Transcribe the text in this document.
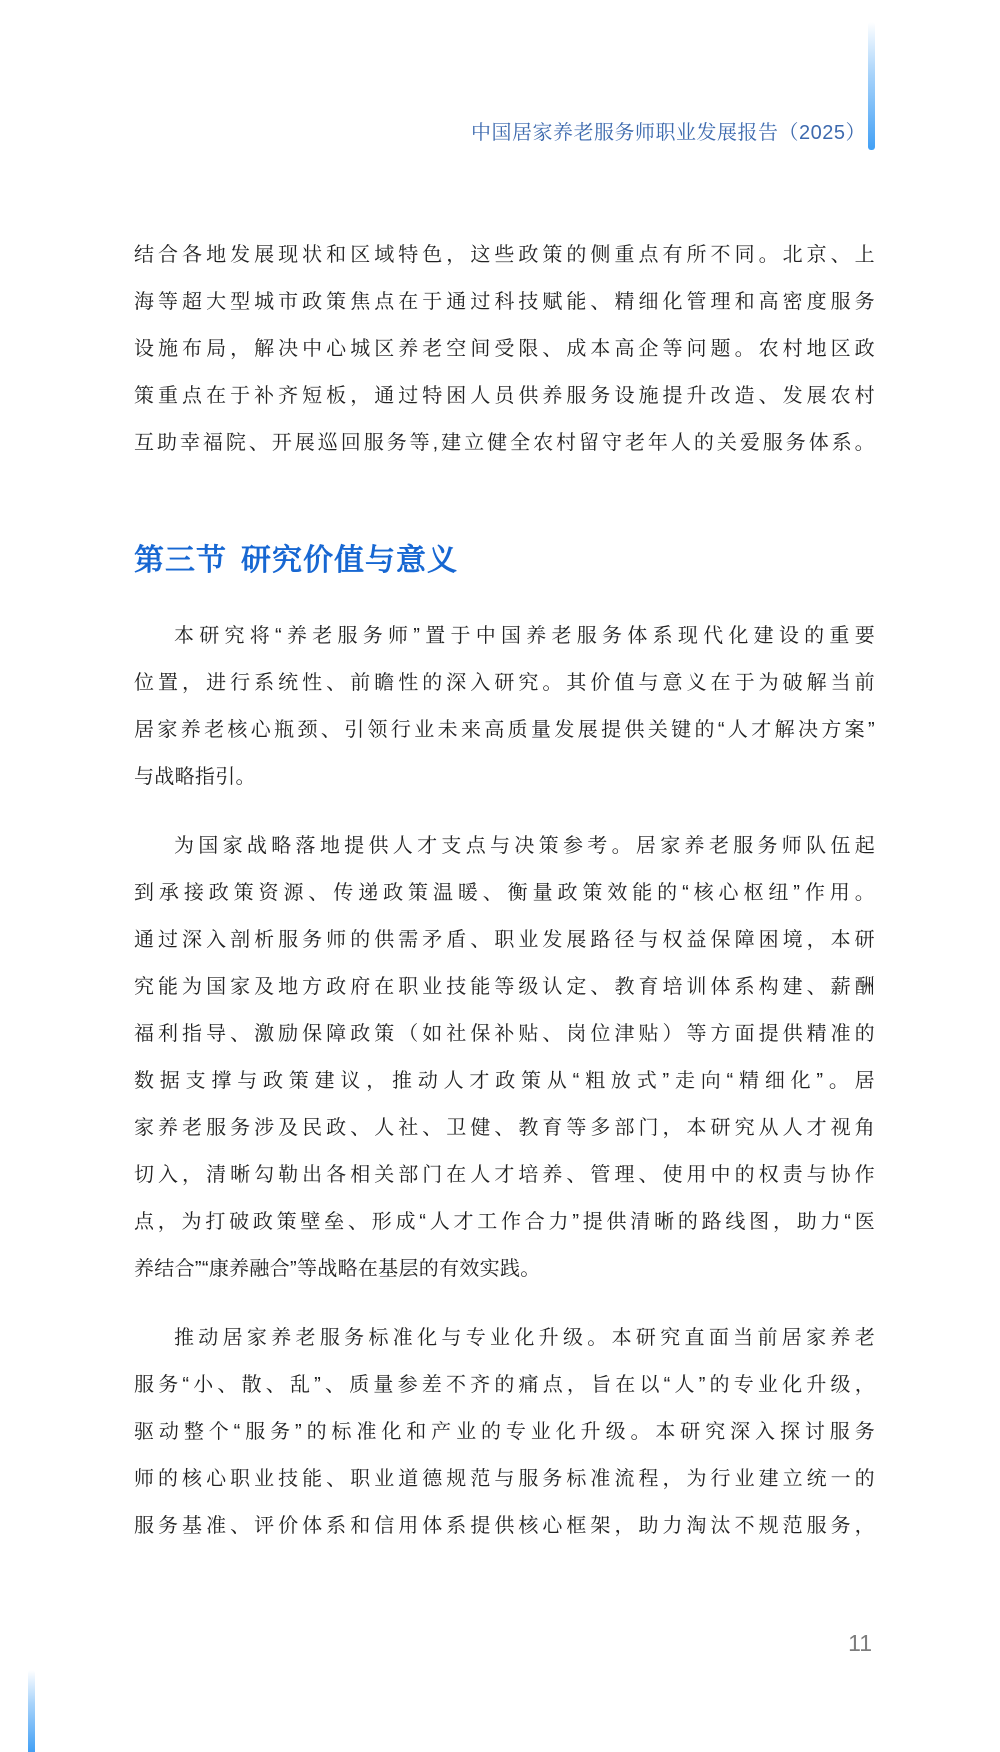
中国居家养老服务师职业发展报告（2025）
结合各地发展现状和区域特色，这些政策的侧重点有所不同。北京、上
海等超大型城市政策焦点在于通过科技赋能、精细化管理和高密度服务
设施布局，解决中心城区养老空间受限、成本高企等问题。农村地区政
策重点在于补齐短板，通过特困人员供养服务设施提升改造、发展农村
互助幸福院、开展巡回服务等,建立健全农村留守老年人的关爱服务体系。
第三节 研究价值与意义
本研究将“养老服务师”置于中国养老服务体系现代化建设的重要
位置，进行系统性、前瞻性的深入研究。其价值与意义在于为破解当前
居家养老核心瓶颈、引领行业未来高质量发展提供关键的“人才解决方案”
与战略指引。
为国家战略落地提供人才支点与决策参考。居家养老服务师队伍起
到承接政策资源、传递政策温暖、衡量政策效能的“核心枢纽”作用。
通过深入剖析服务师的供需矛盾、职业发展路径与权益保障困境，本研
究能为国家及地方政府在职业技能等级认定、教育培训体系构建、薪酬
福利指导、激励保障政策（如社保补贴、岗位津贴）等方面提供精准的
数据支撑与政策建议，推动人才政策从“粗放式”走向“精细化”。居
家养老服务涉及民政、人社、卫健、教育等多部门，本研究从人才视角
切入，清晰勾勒出各相关部门在人才培养、管理、使用中的权责与协作
点，为打破政策壁垒、形成“人才工作合力”提供清晰的路线图，助力“医
养结合”“康养融合”等战略在基层的有效实践。
推动居家养老服务标准化与专业化升级。本研究直面当前居家养老
服务“小、散、乱”、质量参差不齐的痛点，旨在以“人”的专业化升级，
驱动整个“服务”的标准化和产业的专业化升级。本研究深入探讨服务
师的核心职业技能、职业道德规范与服务标准流程，为行业建立统一的
服务基准、评价体系和信用体系提供核心框架，助力淘汰不规范服务，
11
